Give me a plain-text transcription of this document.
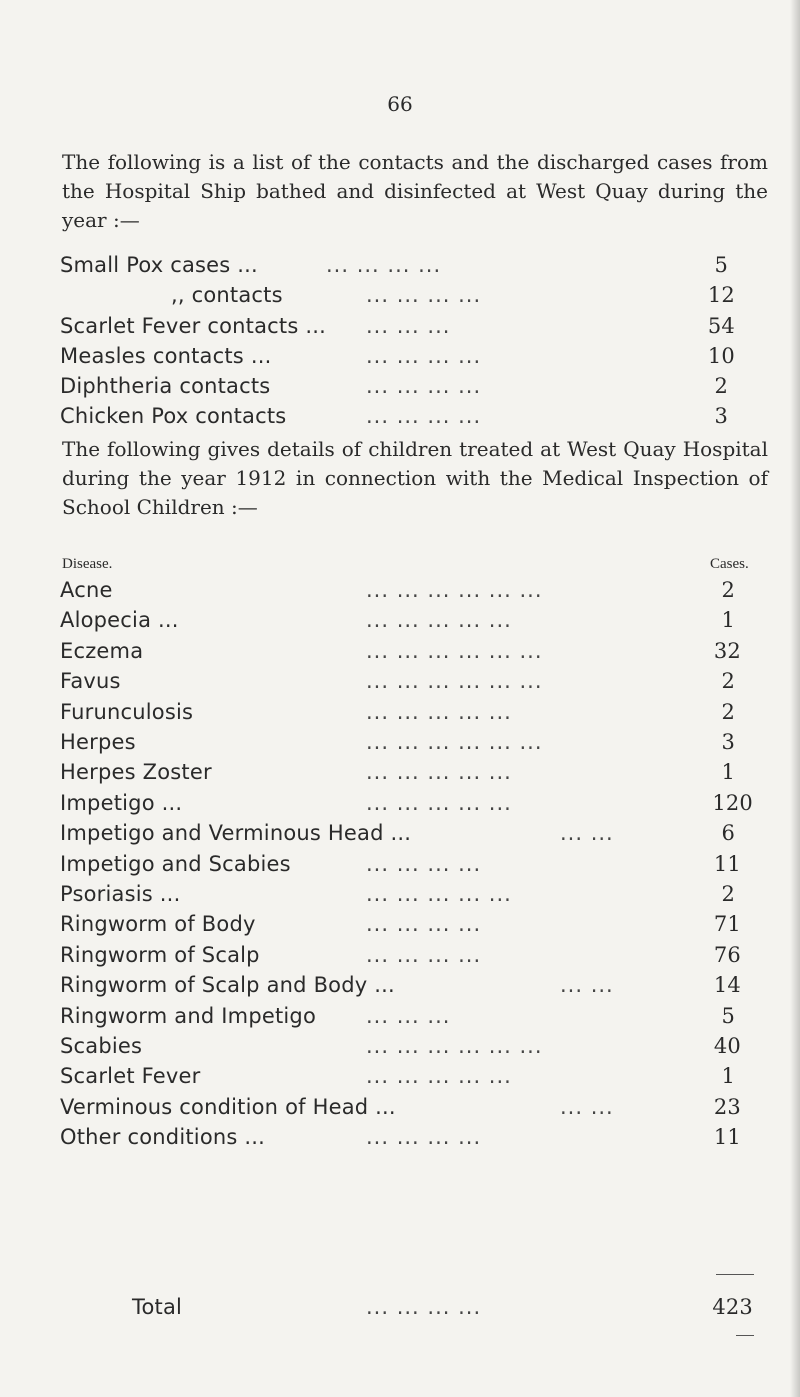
66

The following is a list of the contacts and the discharged cases from the Hospital Ship bathed and disinfected at West Quay during the year :—

Small Pox cases ...	... ... ... ...	5
,, contacts	... ... ... ...	12
Scarlet Fever contacts ... ... ... ...	54
Measles contacts ...	... ... ... ...	10
Diphtheria contacts	... ... ... ...	2
Chicken Pox contacts	... ... ... ...	3

The following gives details of children treated at West Quay Hospital during the year 1912 in connection with the Medical Inspection of School Children :—

Disease.	Cases.
Acne	... ... ... ... ... ...	2
Alopecia ...	... ... ... ... ...	1
Eczema	... ... ... ... ... ...	32
Favus	... ... ... ... ... ...	2
Furunculosis	... ... ... ... ...	2
Herpes	... ... ... ... ... ...	3
Herpes Zoster	... ... ... ... ...	1
Impetigo ...	... ... ... ... ...	120
Impetigo and Verminous Head ...	... ...	6
Impetigo and Scabies	... ... ... ...	11
Psoriasis ...	... ... ... ... ...	2
Ringworm of Body	... ... ... ...	71
Ringworm of Scalp	... ... ... ...	76
Ringworm of Scalp and Body ...	... ...	14
Ringworm and Impetigo ... ... ...	5
Scabies	... ... ... ... ... ...	40
Scarlet Fever	... ... ... ... ...	1
Verminous condition of Head ...	... ...	23
Other conditions ...	... ... ... ...	11
Total	... ... ... ...	423
